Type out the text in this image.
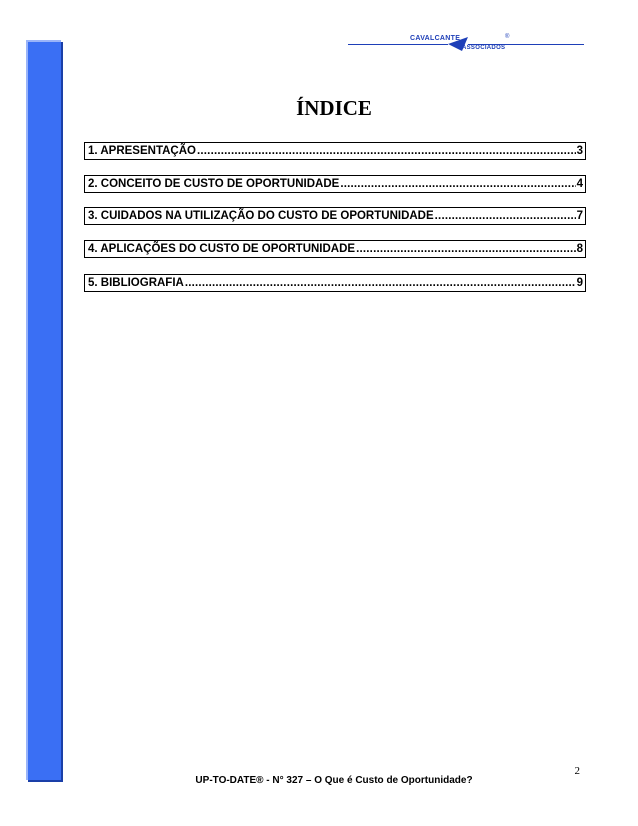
CAVALCANTE
ASSOCIADOS
®
ÍNDICE
1. APRESENTAÇÃO .....	3
2. CONCEITO DE CUSTO DE OPORTUNIDADE .....	4
3. CUIDADOS NA UTILIZAÇÃO DO CUSTO DE OPORTUNIDADE .....	7
4. APLICAÇÕES DO CUSTO DE OPORTUNIDADE .....	8
5. BIBLIOGRAFIA .....	9
2
UP-TO-DATE® - N° 327 – O Que é Custo de Oportunidade?
